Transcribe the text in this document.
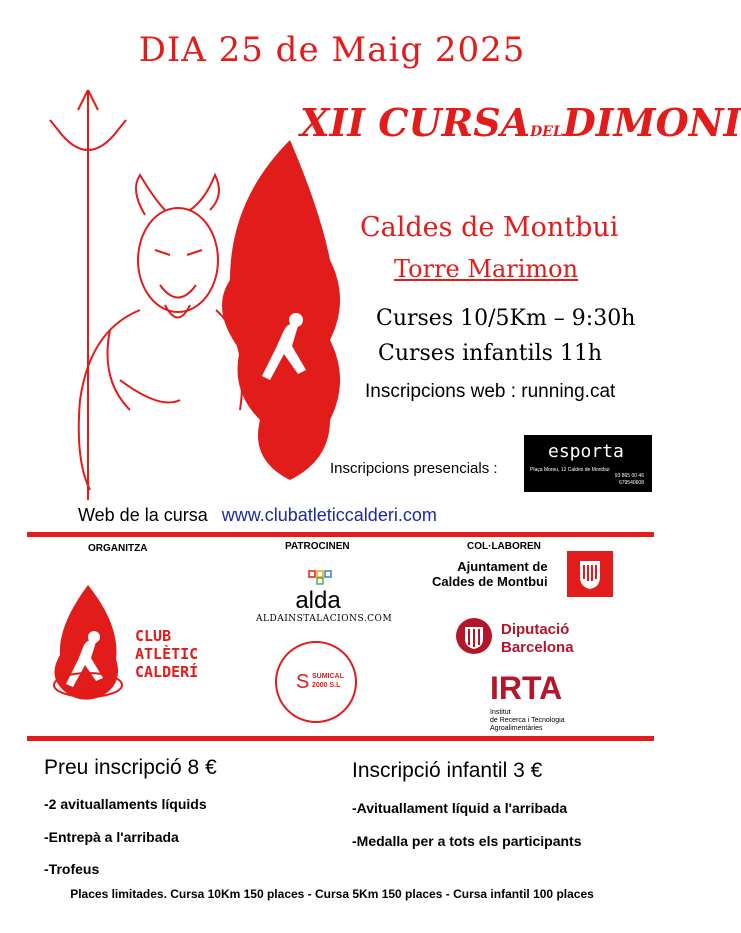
DIA 25 de Maig 2025
XII CURSADELDIMONI
Caldes de Montbui
Torre Marimon
Curses 10/5Km – 9:30h
Curses infantils 11h
Inscripcions web : running.cat
Inscripcions presencials :
esporta
Plaça Moreu, 12 Caldes de Montbui
93 865 00 46
679540608
Web de la cursa www.clubatleticcalderi.com
ORGANITZA	PATROCINEN	COL·LABOREN
CLUB
ATLÈTIC
CALDERÍ
alda
ALDAINSTALACIONS.COM
S SUMICAL 2000 S.L
Ajuntament de
Caldes de Montbui
Diputació
Barcelona
IRTA
Institut
de Recerca i Tecnologia
Agroalimentàries
Preu inscripció 8 €
-2 avituallaments líquids
-Entrepà a l'arribada
-Trofeus
Inscripció infantil 3 €
-Avituallament líquid a l'arribada
-Medalla per a tots els participants
Places limitades. Cursa 10Km 150 places - Cursa 5Km 150 places - Cursa infantil 100 places
